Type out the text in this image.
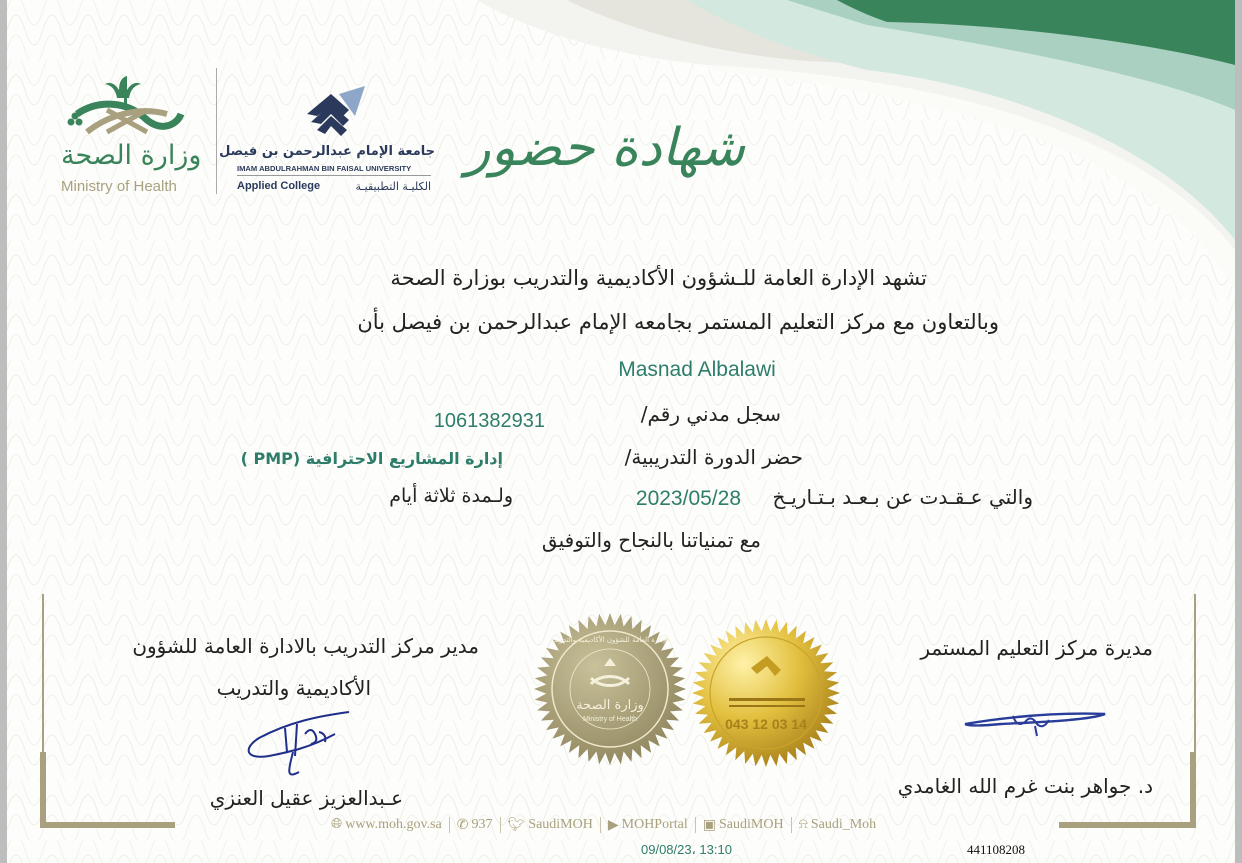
وزارة الصحة
Ministry of Health
جامعة الإمام عبدالرحمن بن فيصل
IMAM ABDULRAHMAN BIN FAISAL UNIVERSITY
Applied College	الكليـة التطبيقيـة
شهادة حضور
تشهد الإدارة العامة للـشؤون الأكاديمية والتدريب بوزارة الصحة
وبالتعاون مع مركز التعليم المستمر بجامعه الإمام عبدالرحمن بن فيصل بأن
Masnad Albalawi
سجل مدني رقم/
1061382931
حضر الدورة التدريبية/
إدارة المشاريع الاحترافية (PMP )
والتي عـقـدت عن بـعـد بـتـاريـخ
2023/05/28
ولـمدة ثلاثة أيام
مع تمنياتنا بالنجاح والتوفيق
مدير مركز التدريب بالادارة العامة للشؤون
الأكاديمية والتدريب
عـبدالعزيز عقيل العنزي
وزارة الصحة
Ministry of Health
الإدارة العامة للشؤون الأكاديمية والتدريب
043 12 03 14
مديرة مركز التعليم المستمر
د. جواهر بنت غرم الله الغامدي
🌐︎ www.moh.gov.sa ✆ 937 🐦︎ SaudiMOH ▶ MOHPortal ▣ SaudiMOH ⍾ Saudi_Moh
09/08/23، 13:10	441108208
